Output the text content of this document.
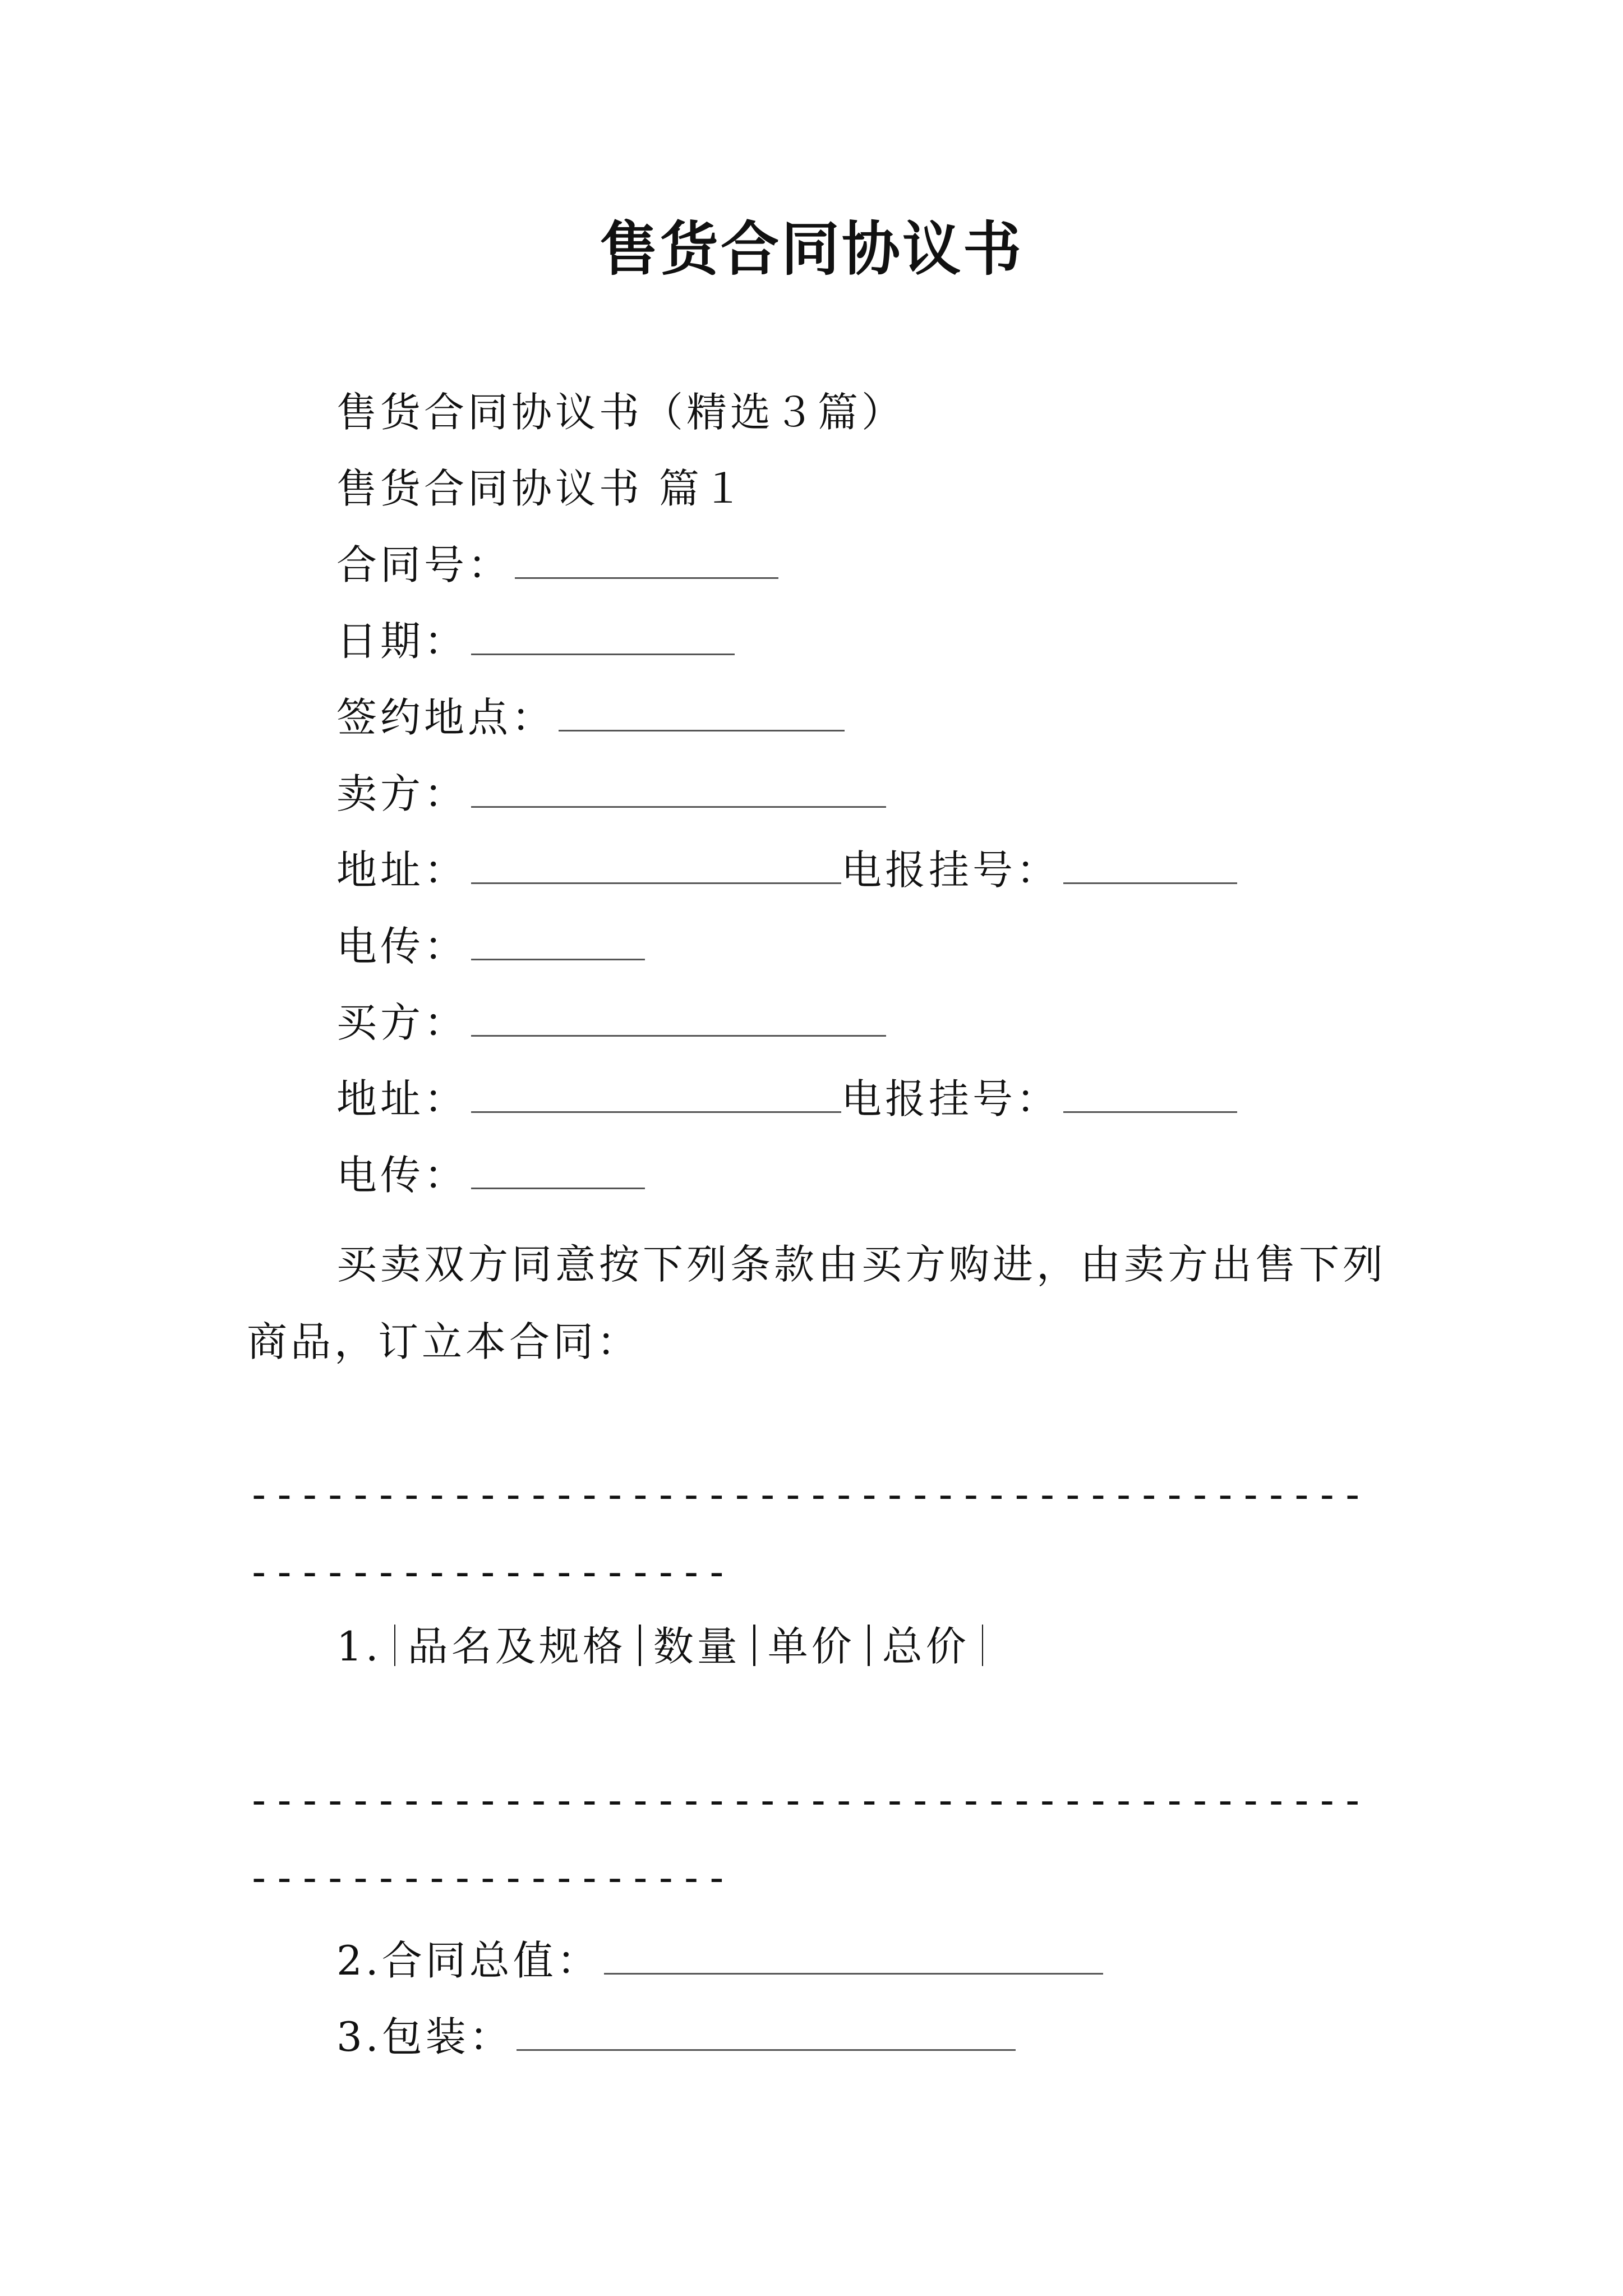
售货合同协议书
售货合同协议书（精选３篇）
售货合同协议书 篇１
合同号：
日期：
签约地点：
卖方：
地址：	电报挂号：
电传：
买方：
地址：	电报挂号：
电传：
买卖双方同意按下列条款由买方购进，由卖方出售下列商品，订立本合同：
---------------------------------------------------------------
1. 品名及规格 数量 单价 总价
---------------------------------------------------------------
2.合同总值：
3.包装：
